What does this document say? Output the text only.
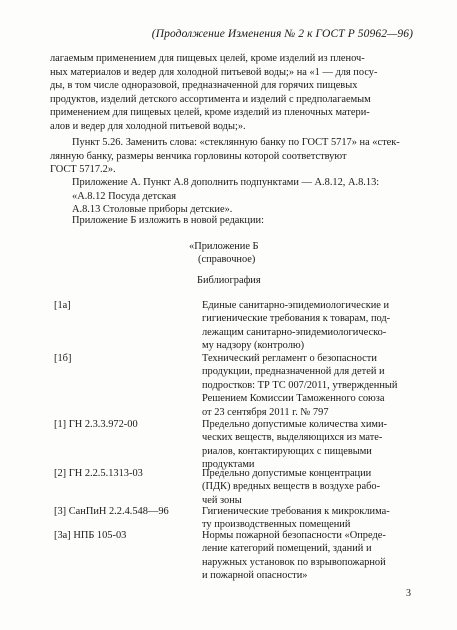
(Продолжение Изменения № 2 к ГОСТ Р 50962—96)
лагаемым применением для пищевых целей, кроме изделий из пленоч-
ных материалов и ведер для холодной питьевой воды;» на «1 — для посу-
ды, в том числе одноразовой, предназначенной для горячих пищевых
продуктов, изделий детского ассортимента и изделий с предполагаемым
применением для пищевых целей, кроме изделий из пленочных матери-
алов и ведер для холодной питьевой воды;».
Пункт 5.26. Заменить слова: «стеклянную банку по ГОСТ 5717» на «стек-
лянную банку, размеры венчика горловины которой соответствуют
ГОСТ 5717.2».
Приложение А. Пункт А.8 дополнить подпунктами — А.8.12, А.8.13:
«А.8.12 Посуда детская
А.8.13 Столовые приборы детские».
Приложение Б изложить в новой редакции:
«Приложение Б
(справочное)
Библиография
[1a]	Единые санитарно-эпидемиологические и
гигиенические требования к товарам, под-
лежащим санитарно-эпидемиологическо-
му надзору (контролю)
[1б]	Технический регламент о безопасности
продукции, предназначенной для детей и
подростков: ТР ТС 007/2011, утвержденный
Решением Комиссии Таможенного союза
от 23 сентября 2011 г. № 797
[1] ГН 2.3.3.972-00	Предельно допустимые количества хими-
ческих веществ, выделяющихся из мате-
риалов, контактирующих с пищевыми
продуктами
[2] ГН 2.2.5.1313-03	Предельно допустимые концентрации
(ПДК) вредных веществ в воздухе рабо-
чей зоны
[3] СанПиН 2.2.4.548—96	Гигиенические требования к микроклима-
ту производственных помещений
[3а] НПБ 105-03	Нормы пожарной безопасности «Опреде-
ление категорий помещений, зданий и
наружных установок по взрывопожарной
и пожарной опасности»
3
